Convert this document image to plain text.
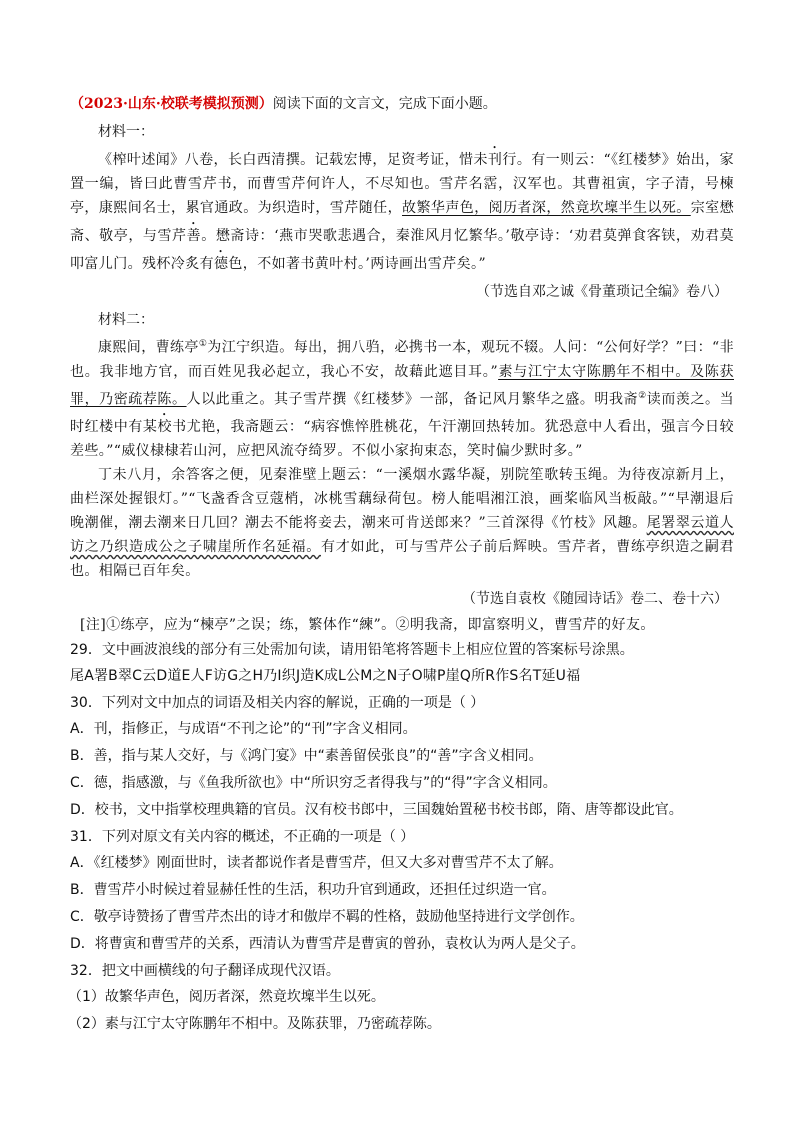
（2023·山东·校联考模拟预测）阅读下面的文言文，完成下面小题。

材料一：

《榨叶述闻》八卷，长白西清撰。记载宏博，足资考证，惜未刊行。有一则云：“《红楼梦》始出，家置一编，皆曰此曹雪芹书，而曹雪芹何许人，不尽知也。雪芹名霑，汉军也。其曹祖寅，字子清，号楝亭，康熙间名士，累官通政。为织造时，雪芹随任，故繁华声色，阅历者深，然竟坎壈半生以死。宗室懋斋、敬亭，与雪芹善。懋斋诗：‘燕市哭歌悲遇合，秦淮风月忆繁华。’敬亭诗：‘劝君莫弹食客铗，劝君莫叩富儿门。残杯冷炙有德色，不如著书黄叶村。’两诗画出雪芹矣。”

（节选自邓之诚《骨董琐记全编》卷八）

材料二：

康熙间，曹练亭①为江宁织造。每出，拥八驺，必携书一本，观玩不辍。人问：“公何好学？”曰：“非也。我非地方官，而百姓见我必起立，我心不安，故藉此遮目耳。”素与江宁太守陈鹏年不相中。及陈获罪，乃密疏荐陈。人以此重之。其子雪芹撰《红楼梦》一部，备记风月繁华之盛。明我斋②读而羡之。当时红楼中有某校书尤艳，我斋题云：“病容憔悴胜桃花，午汗潮回热转加。犹恐意中人看出，强言今日较差些。”“威仪棣棣若山河，应把风流夺绮罗。不似小家拘束态，笑时偏少默时多。”

丁未八月，余答客之便，见秦淮壁上题云：“一溪烟水露华凝，别院笙歌转玉绳。为待夜凉新月上，曲栏深处握银灯。”“飞盏香含豆蔻梢，冰桃雪藕绿荷包。榜人能唱湘江浪，画桨临风当板敲。”“早潮退后晚潮催，潮去潮来日几回？潮去不能将妾去，潮来可肯送郎来？”三首深得《竹枝》风趣。尾署翠云道人访之乃织造成公之子啸崖所作名延福。有才如此，可与雪芹公子前后辉映。雪芹者，曹练亭织造之嗣君也。相隔已百年矣。

（节选自袁枚《随园诗话》卷二、卷十六）

[注]①练亭，应为“楝亭”之误；练，繁体作“練”。②明我斋，即富察明义，曹雪芹的好友。

29．文中画波浪线的部分有三处需加句读，请用铅笔将答题卡上相应位置的答案标号涂黑。

尾A署B翠C云D道E人F访G之H乃I织J造K成L公M之N子O啸P崖Q所R作S名T延U福

30．下列对文中加点的词语及相关内容的解说，正确的一项是（ ）

A．刊，指修正，与成语“不刊之论”的“刊”字含义相同。

B．善，指与某人交好，与《鸿门宴》中“素善留侯张良”的“善”字含义相同。

C．德，指感激，与《鱼我所欲也》中“所识穷乏者得我与”的“得”字含义相同。

D．校书，文中指掌校理典籍的官员。汉有校书郎中，三国魏始置秘书校书郎，隋、唐等都设此官。

31．下列对原文有关内容的概述，不正确的一项是（ ）

A．《红楼梦》刚面世时，读者都说作者是曹雪芹，但又大多对曹雪芹不太了解。

B．曹雪芹小时候过着显赫任性的生活，积功升官到通政，还担任过织造一官。

C．敬亭诗赞扬了曹雪芹杰出的诗才和傲岸不羁的性格，鼓励他坚持进行文学创作。

D．将曹寅和曹雪芹的关系，西清认为曹雪芹是曹寅的曾孙，袁枚认为两人是父子。

32．把文中画横线的句子翻译成现代汉语。

（1）故繁华声色，阅历者深，然竟坎壈半生以死。

（2）素与江宁太守陈鹏年不相中。及陈获罪，乃密疏荐陈。
